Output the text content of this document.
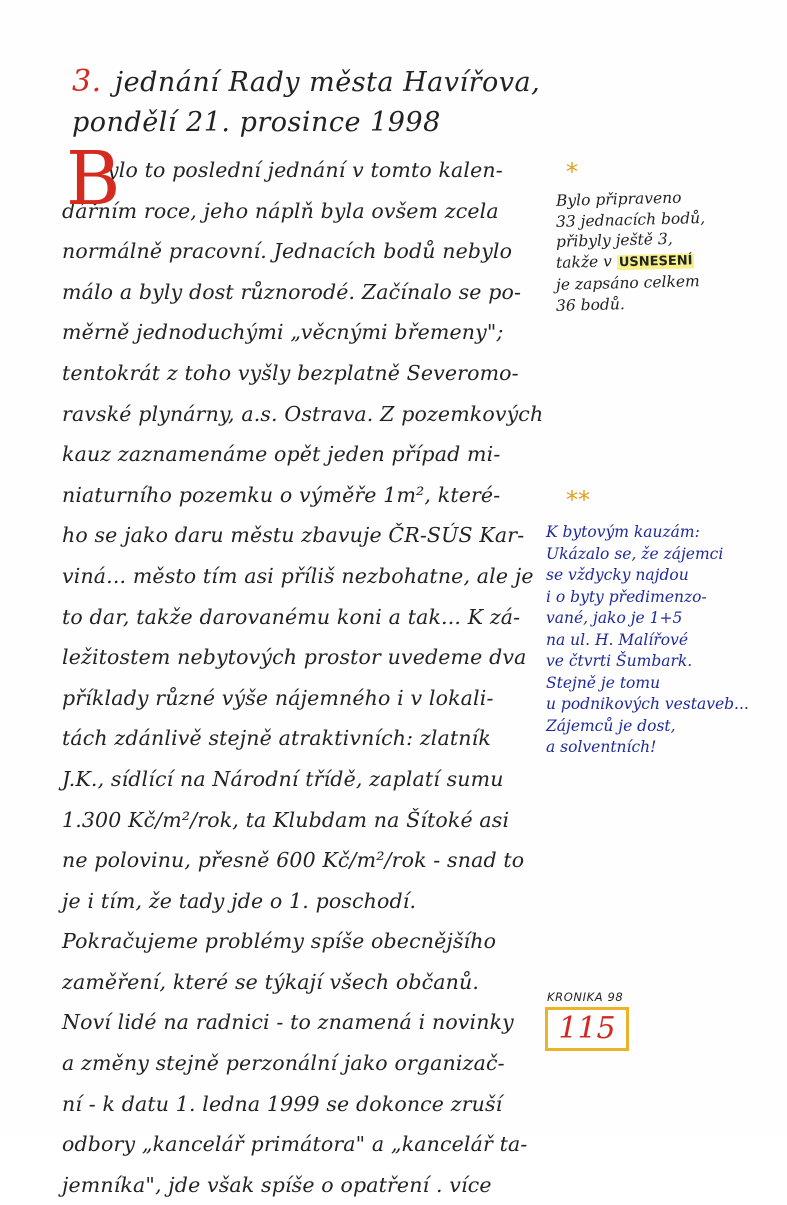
3. jednání Rady města Havířova,
pondělí 21. prosince 1998
B
ylo to poslední jednání v tomto kalen-
dářním roce, jeho náplň byla ovšem zcela
normálně pracovní. Jednacích bodů nebylo
málo a byly dost různorodé. Začínalo se po-
měrně jednoduchými „věcnými břemeny";
tentokrát z toho vyšly bezplatně Severomo-
ravské plynárny, a.s. Ostrava. Z pozemkových
kauz zaznamenáme opět jeden případ mi-
niaturního pozemku o výměře 1m², které-
ho se jako daru městu zbavuje ČR-SÚS Kar-
viná... město tím asi příliš nezbohatne, ale je
to dar, takže darovanému koni a tak... K zá-
ležitostem nebytových prostor uvedeme dva
příklady různé výše nájemného i v lokali-
tách zdánlivě stejně atraktivních: zlatník
J.K., sídlící na Národní třídě, zaplatí sumu
1.300 Kč/m²/rok, ta Klubdam na Šítoké asi
ne polovinu, přesně 600 Kč/m²/rok - snad to
je i tím, že tady jde o 1. poschodí.
Pokračujeme problémy spíše obecnějšího
zaměření, které se týkají všech občanů.
Noví lidé na radnici - to znamená i novinky
a změny stejně perzonální jako organizač-
ní - k datu 1. ledna 1999 se dokonce zruší
odbory „kancelář primátora" a „kancelář ta-
jemníka", jde však spíše o opatření . více
*
Bylo připraveno
33 jednacích bodů,
přibyly ještě 3,
takže v USNESENÍ
je zapsáno celkem
36 bodů.
**
K bytovým kauzám:
Ukázalo se, že zájemci
se vždycky najdou
i o byty předimenzo-
vané, jako je 1+5
na ul. H. Malířové
ve čtvrti Šumbark.
Stejně je tomu
u podnikových vestaveb...
Zájemců je dost,
a solventních!
KRONIKA 98
115
